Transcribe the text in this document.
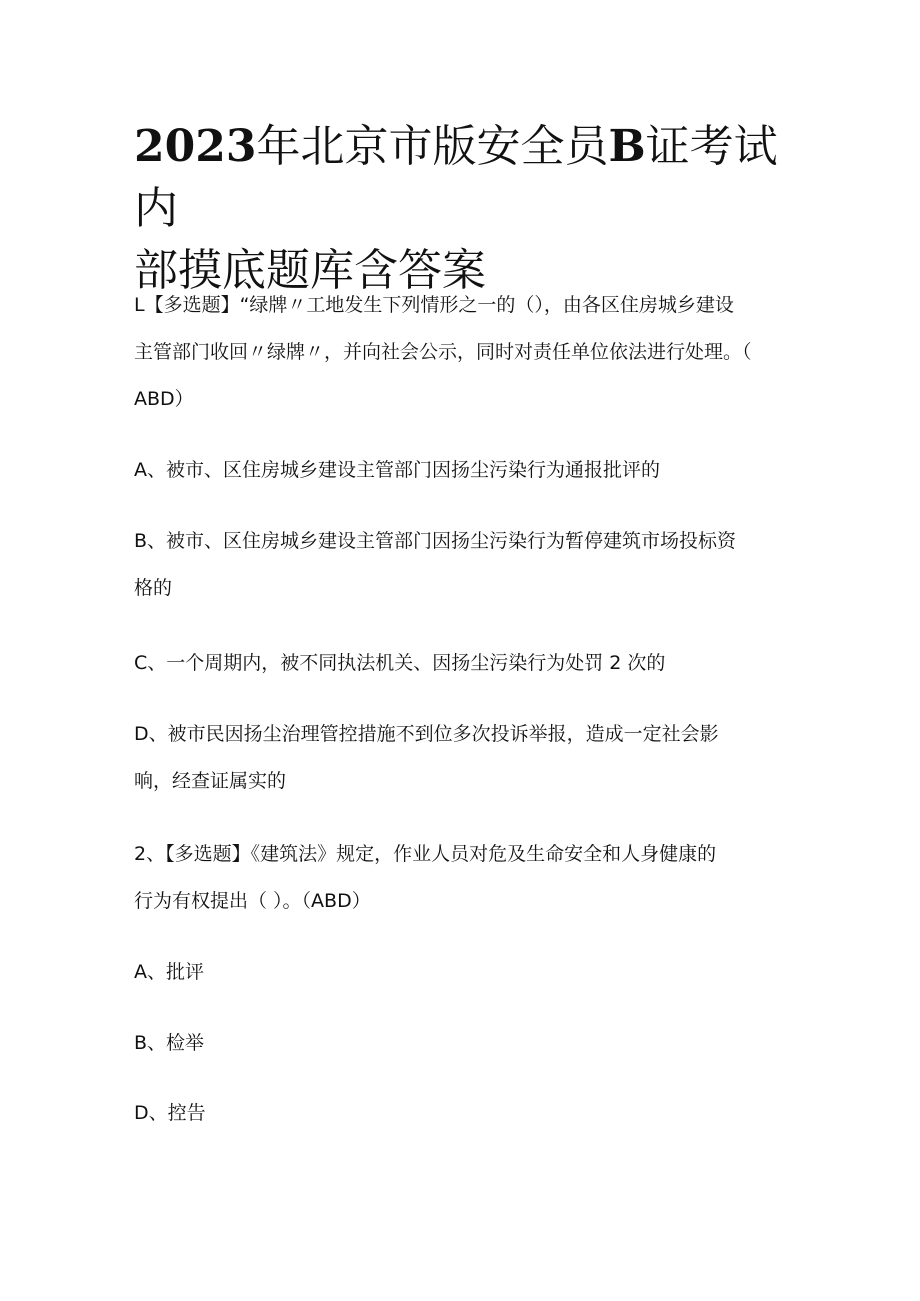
2023年北京市版安全员B证考试内
部摸底题库含答案

L【多选题】“绿牌〃工地发生下列情形之一的（），由各区住房城乡建设
主管部门收回〃绿牌〃，并向社会公示，同时对责任单位依法进行处理。（
ABD）

A、被市、区住房城乡建设主管部门因扬尘污染行为通报批评的

B、被市、区住房城乡建设主管部门因扬尘污染行为暂停建筑市场投标资
格的

C、一个周期内，被不同执法机关、因扬尘污染行为处罚 2 次的

D、被市民因扬尘治理管控措施不到位多次投诉举报，造成一定社会影
响，经查证属实的

2、【多选题】《建筑法》规定，作业人员对危及生命安全和人身健康的
行为有权提出（ ）。（ABD）

A、批评

B、检举

D、控告
